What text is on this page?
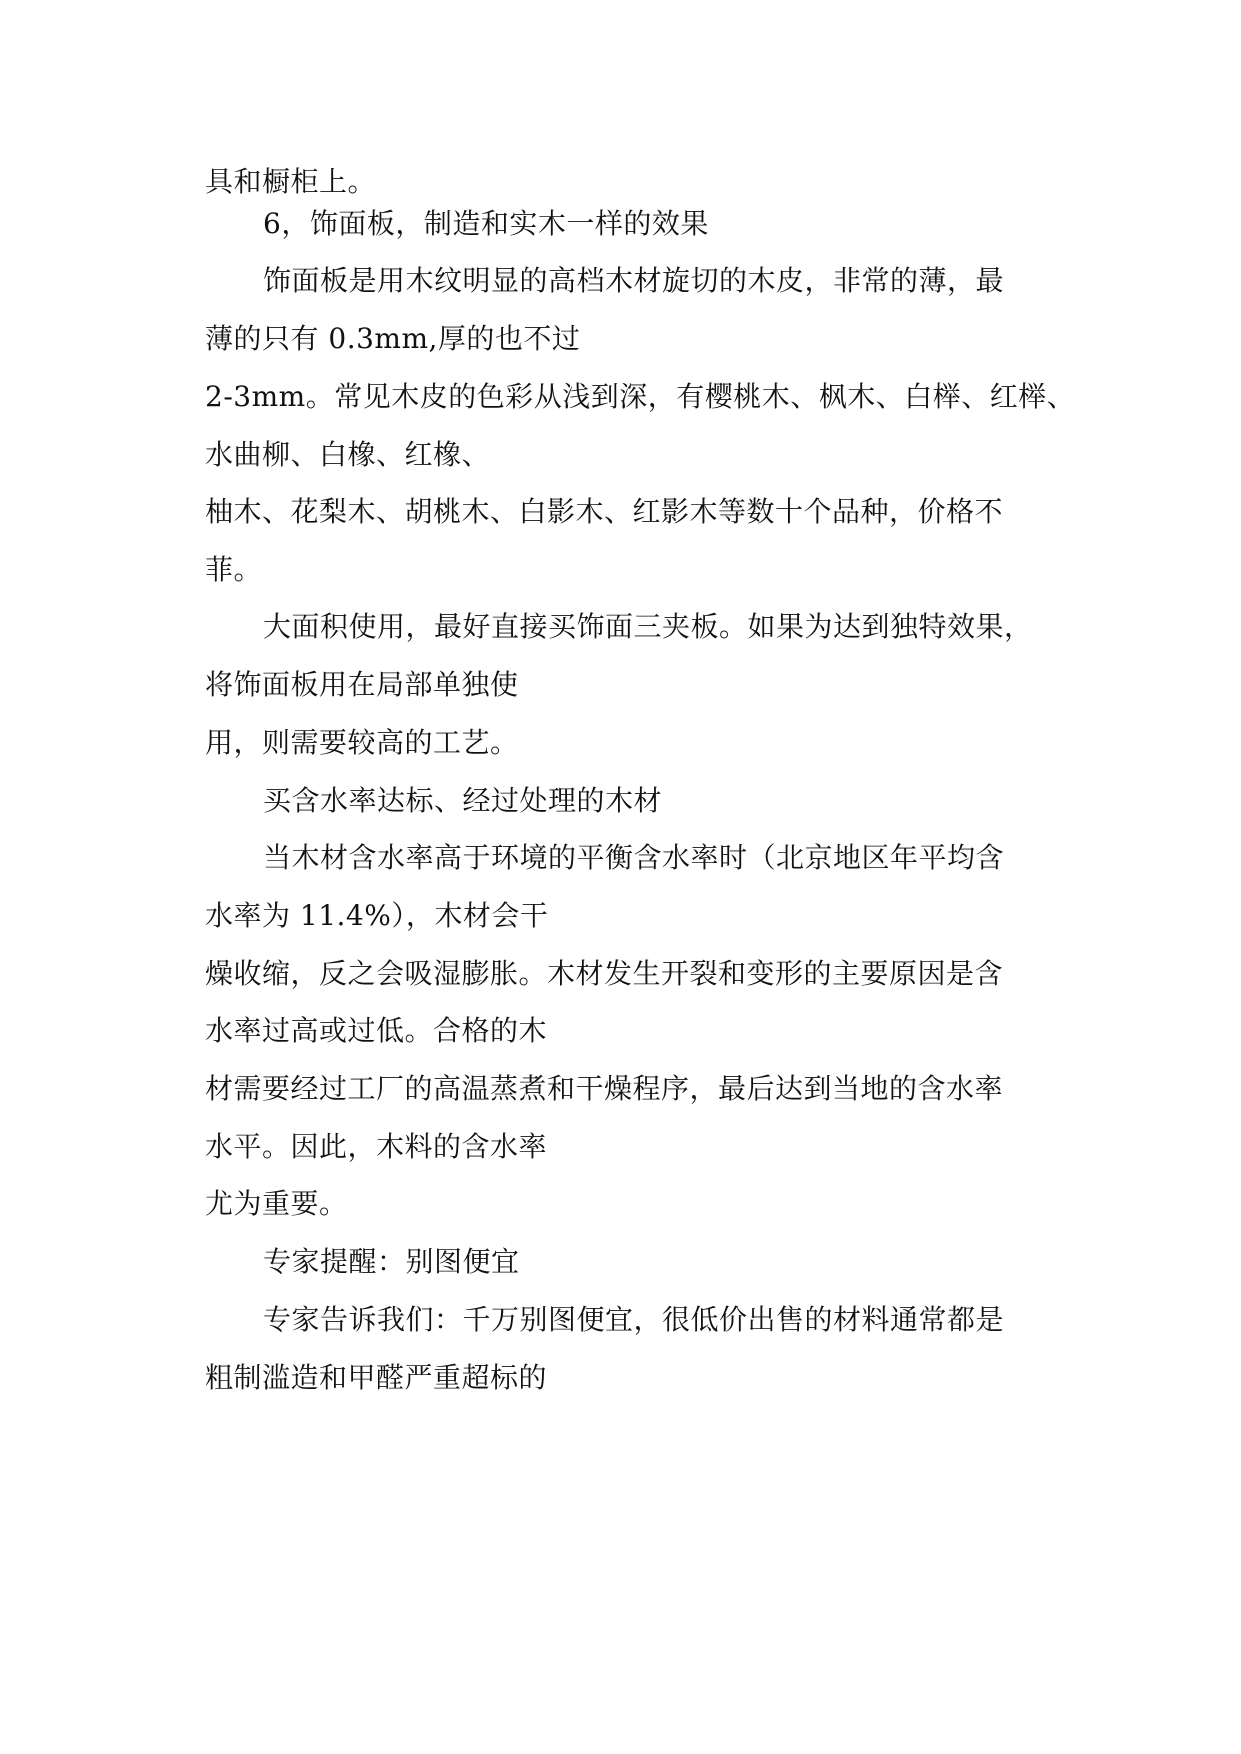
具和橱柜上。
6，饰面板，制造和实木一样的效果
饰面板是用木纹明显的高档木材旋切的木皮，非常的薄，最
薄的只有 0.3mm,厚的也不过
2-3mm。常见木皮的色彩从浅到深，有樱桃木、枫木、白榉、红榉、
水曲柳、白橡、红橡、
柚木、花梨木、胡桃木、白影木、红影木等数十个品种，价格不
菲。
大面积使用，最好直接买饰面三夹板。如果为达到独特效果，
将饰面板用在局部单独使
用，则需要较高的工艺。
买含水率达标、经过处理的木材
当木材含水率高于环境的平衡含水率时（北京地区年平均含
水率为 11.4%），木材会干
燥收缩，反之会吸湿膨胀。木材发生开裂和变形的主要原因是含
水率过高或过低。合格的木
材需要经过工厂的高温蒸煮和干燥程序，最后达到当地的含水率
水平。因此，木料的含水率
尤为重要。
专家提醒：别图便宜
专家告诉我们：千万别图便宜，很低价出售的材料通常都是
粗制滥造和甲醛严重超标的
